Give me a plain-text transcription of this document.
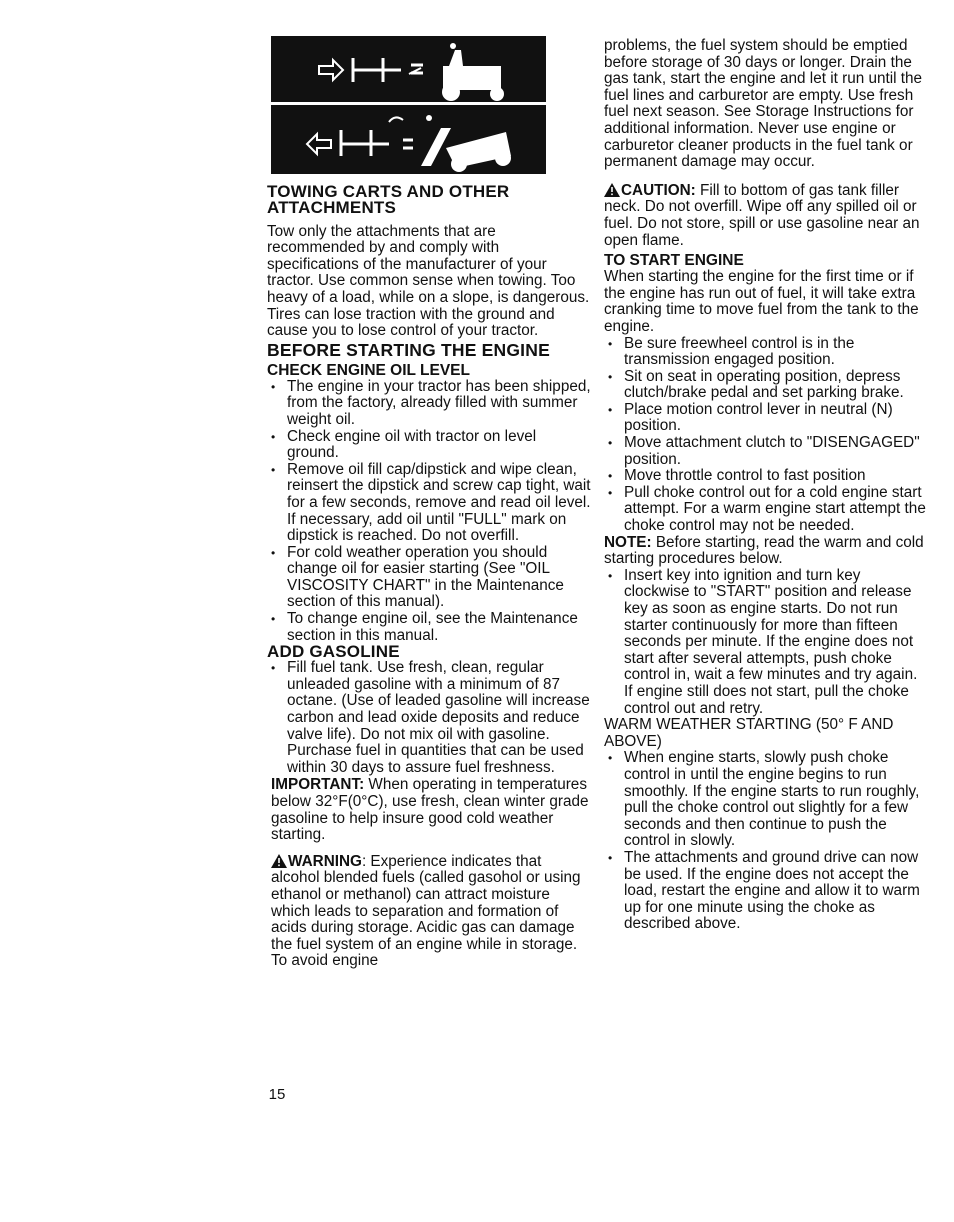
TOWING CARTS AND OTHER ATTACHMENTS

Tow only the attachments that are recommended by and comply with specifications of the manufacturer of your tractor. Use common sense when towing. Too heavy of a load, while on a slope, is dangerous. Tires can lose traction with the ground and cause you to lose control of your tractor.

BEFORE STARTING THE ENGINE

CHECK ENGINE OIL LEVEL

• The engine in your tractor has been shipped, from the factory, already filled with summer weight oil.
• Check engine oil with tractor on level ground.
• Remove oil fill cap/dipstick and wipe clean, reinsert the dipstick and screw cap tight, wait for a few seconds, remove and read oil level. If necessary, add oil until "FULL" mark on dipstick is reached. Do not overfill.
• For cold weather operation you should change oil for easier starting (See "OIL VISCOSITY CHART" in the Maintenance section of this manual).
• To change engine oil, see the Maintenance section in this manual.

ADD GASOLINE

• Fill fuel tank. Use fresh, clean, regular unleaded gasoline with a minimum of 87 octane. (Use of leaded gasoline will increase carbon and lead oxide deposits and reduce valve life). Do not mix oil with gasoline. Purchase fuel in quantities that can be used within 30 days to assure fuel freshness.

IMPORTANT: When operating in temperatures below 32°F(0°C), use fresh, clean winter grade gasoline to help insure good cold weather starting.

WARNING: Experience indicates that alcohol blended fuels (called gasohol or using ethanol or methanol) can attract moisture which leads to separation and formation of acids during storage. Acidic gas can damage the fuel system of an engine while in storage. To avoid engine

problems, the fuel system should be emptied before storage of 30 days or longer. Drain the gas tank, start the engine and let it run until the fuel lines and carburetor are empty. Use fresh fuel next season. See Storage Instructions for additional information. Never use engine or carburetor cleaner products in the fuel tank or permanent damage may occur.

CAUTION: Fill to bottom of gas tank filler neck. Do not overfill. Wipe off any spilled oil or fuel. Do not store, spill or use gasoline near an open flame.

TO START ENGINE

When starting the engine for the first time or if the engine has run out of fuel, it will take extra cranking time to move fuel from the tank to the engine.

• Be sure freewheel control is in the transmission engaged position.
• Sit on seat in operating position, depress clutch/brake pedal and set parking brake.
• Place motion control lever in neutral (N) position.
• Move attachment clutch to "DISENGAGED" position.
• Move throttle control to fast position
• Pull choke control out for a cold engine start attempt. For a warm engine start attempt the choke control may not be needed.

NOTE: Before starting, read the warm and cold starting procedures below.

• Insert key into ignition and turn key clockwise to "START" position and release key as soon as engine starts. Do not run starter continuously for more than fifteen seconds per minute. If the engine does not start after several attempts, push choke control in, wait a few minutes and try again. If engine still does not start, pull the choke control out and retry.

WARM WEATHER STARTING (50° F AND ABOVE)

• When engine starts, slowly push choke control in until the engine begins to run smoothly. If the engine starts to run roughly, pull the choke control out slightly for a few seconds and then continue to push the control in slowly.
• The attachments and ground drive can now be used. If the engine does not accept the load, restart the engine and allow it to warm up for one minute using the choke as described above.
15
